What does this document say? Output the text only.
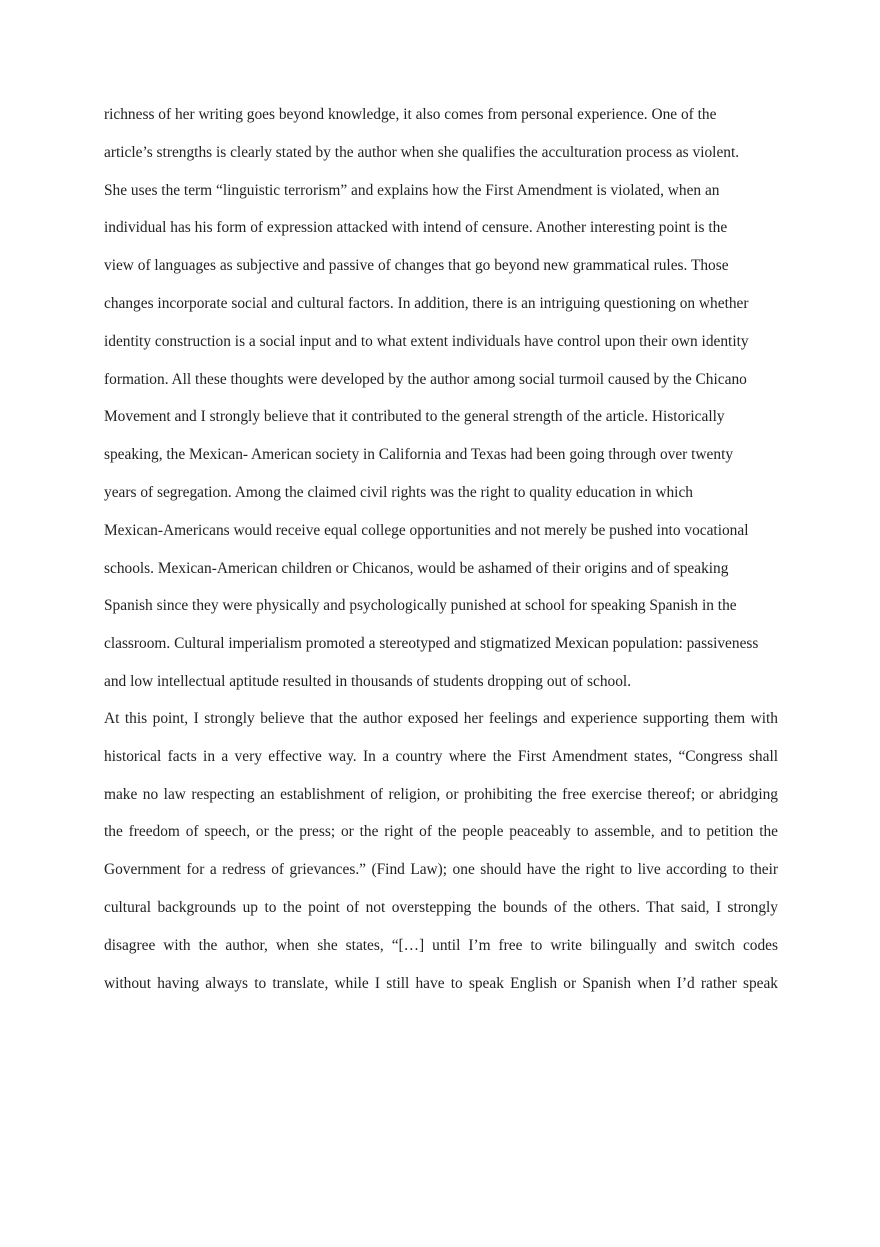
richness of her writing goes beyond knowledge, it also comes from personal experience. One of the
article’s strengths is clearly stated by the author when she qualifies the acculturation process as violent.
She uses the term “linguistic terrorism” and explains how the First Amendment is violated, when an
individual has his form of expression attacked with intend of censure. Another interesting point is the
view of languages as subjective and passive of changes that go beyond new grammatical rules. Those
changes incorporate social and cultural factors. In addition, there is an intriguing questioning on whether
identity construction is a social input and to what extent individuals have control upon their own identity
formation. All these thoughts were developed by the author among social turmoil caused by the Chicano
Movement and I strongly believe that it contributed to the general strength of the article. Historically
speaking, the Mexican- American society in California and Texas had been going through over twenty
years of segregation. Among the claimed civil rights was the right to quality education in which
Mexican-Americans would receive equal college opportunities and not merely be pushed into vocational
schools. Mexican-American children or Chicanos, would be ashamed of their origins and of speaking
Spanish since they were physically and psychologically punished at school for speaking Spanish in the
classroom. Cultural imperialism promoted a stereotyped and stigmatized Mexican population: passiveness
and low intellectual aptitude resulted in thousands of students dropping out of school.
At this point, I strongly believe that the author exposed her feelings and experience supporting them with
historical facts in a very effective way. In a country where the First Amendment states, “Congress shall
make no law respecting an establishment of religion, or prohibiting the free exercise thereof; or abridging
the freedom of speech, or the press; or the right of the people peaceably to assemble, and to petition the
Government for a redress of grievances.” (Find Law); one should have the right to live according to their
cultural backgrounds up to the point of not overstepping the bounds of the others. That said, I strongly
disagree with the author, when she states, “[…] until I’m free to write bilingually and switch codes
without having always to translate, while I still have to speak English or Spanish when I’d rather speak
